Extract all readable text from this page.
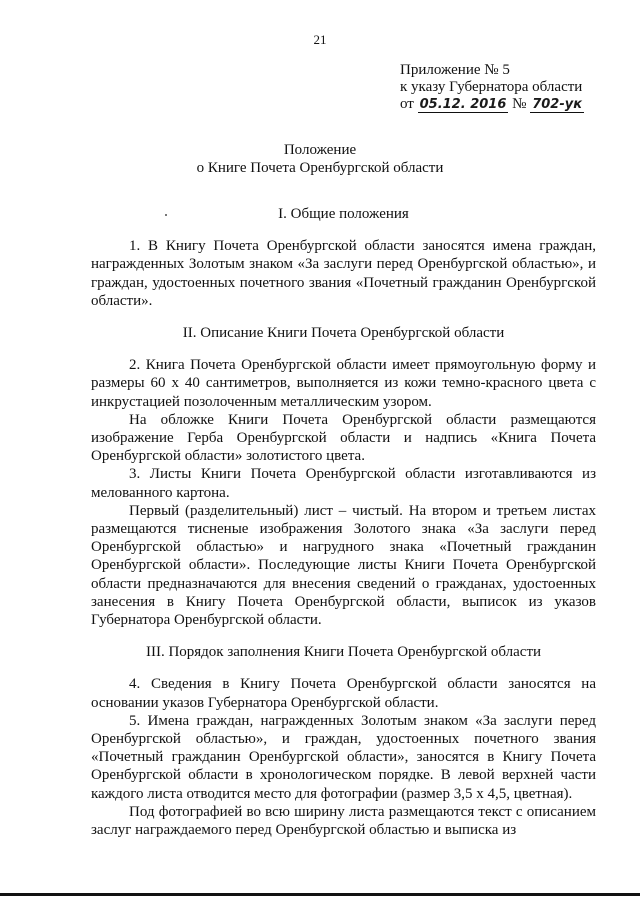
21
Приложение № 5
к указу Губернатора области
от 05.12. 2016 № 702-ук
Положение
о Книге Почета Оренбургской области
I. Общие положения

1. В Книгу Почета Оренбургской области заносятся имена граждан, награжденных Золотым знаком «За заслуги перед Оренбургской областью», и граждан, удостоенных почетного звания «Почетный гражданин Оренбургской области».

II. Описание Книги Почета Оренбургской области

2. Книга Почета Оренбургской области имеет прямоугольную форму и размеры 60 х 40 сантиметров, выполняется из кожи темно-красного цвета с инкрустацией позолоченным металлическим узором.

На обложке Книги Почета Оренбургской области размещаются изображение Герба Оренбургской области и надпись «Книга Почета Оренбургской области» золотистого цвета.

3. Листы Книги Почета Оренбургской области изготавливаются из мелованного картона.

Первый (разделительный) лист – чистый. На втором и третьем листах размещаются тисненые изображения Золотого знака «За заслуги перед Оренбургской областью» и нагрудного знака «Почетный гражданин Оренбургской области». Последующие листы Книги Почета Оренбургской области предназначаются для внесения сведений о гражданах, удостоенных занесения в Книгу Почета Оренбургской области, выписок из указов Губернатора Оренбургской области.

III. Порядок заполнения Книги Почета Оренбургской области

4. Сведения в Книгу Почета Оренбургской области заносятся на основании указов Губернатора Оренбургской области.

5. Имена граждан, награжденных Золотым знаком «За заслуги перед Оренбургской областью», и граждан, удостоенных почетного звания «Почетный гражданин Оренбургской области», заносятся в Книгу Почета Оренбургской области в хронологическом порядке. В левой верхней части каждого листа отводится место для фотографии (размер 3,5 х 4,5, цветная).

Под фотографией во всю ширину листа размещаются текст с описанием заслуг награждаемого перед Оренбургской областью и выписка из
